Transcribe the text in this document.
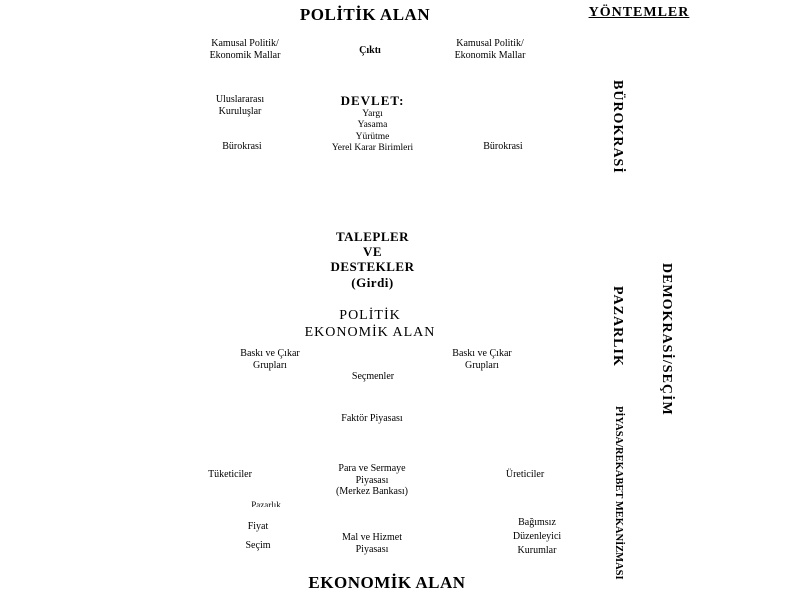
POLİTİK ALAN	YÖNTEMLER
Kamusal Politik/
Ekonomik Mallar	Çıktı
Kamusal Politik/
Ekonomik Mallar
Uluslararası
Kuruluşlar
DEVLET:
Yargı
Yasama
Yürütme
Yerel Karar Birimleri
Bürokrasi	Bürokrasi
TALEPLER
VE
DESTEKLER
(Girdi)
POLİTİK
EKONOMİK ALAN
Baskı ve Çıkar
Grupları
Baskı ve Çıkar
Grupları
Seçmenler
Faktör Piyasası
Tüketiciler
Para ve Sermaye
Piyasası
(Merkez Bankası)
Üreticiler
Pazarlık
Fiyat
Seçim
Mal ve Hizmet
Piyasası
Bağımsız
Düzenleyici
Kurumlar
EKONOMİK ALAN
BÜROKRASİ
PAZARLIK DEMOKRASİ/SEÇİM
PİYASA/REKABET MEKANİZMASI
